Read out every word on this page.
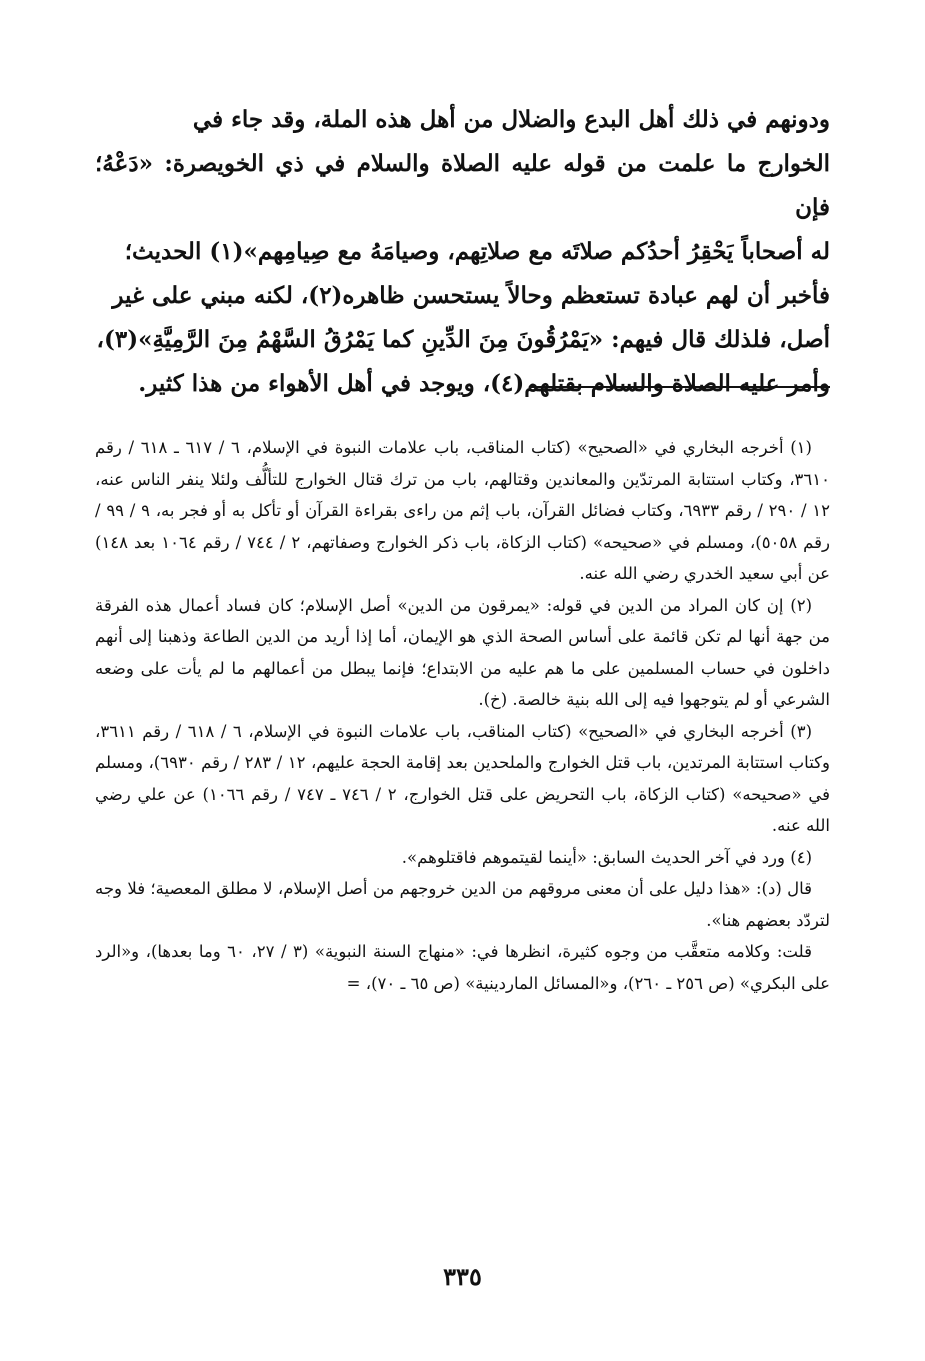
ودونهم في ذلك أهل البدع والضلال من أهل هذه الملة، وقد جاء في

الخوارج ما علمت من قوله عليه الصلاة والسلام في ذي الخويصرة: «دَعْهُ؛ فإن

له أصحاباً يَحْقِرُ أحدُكم صلاتَه مع صلاتِهم، وصيامَهُ مع صِيامِهم»(١) الحديث؛

فأخبر أن لهم عبادة تستعظم وحالاً يستحسن ظاهره(٢)، لكنه مبني على غير

أصل، فلذلك قال فيهم: «يَمْرُقُونَ مِنَ الدِّينِ كما يَمْرُقُ السَّهْمُ مِنَ الرَّمِيَّةِ»(٣)،

وأمر عليه الصلاة والسلام بقتلهم(٤)، ويوجد في أهل الأهواء من هذا كثير.

(١) أخرجه البخاري في «الصحيح» (كتاب المناقب، باب علامات النبوة في الإسلام، ٦ / ٦١٧ ـ ٦١٨ / رقم ٣٦١٠، وكتاب استتابة المرتدّين والمعاندين وقتالهم، باب من ترك قتال الخوارج للتألُّف ولئلا ينفر الناس عنه، ١٢ / ٢٩٠ / رقم ٦٩٣٣، وكتاب فضائل القرآن، باب إثم من راءى بقراءة القرآن أو تأكل به أو فجر به، ٩ / ٩٩ / رقم ٥٠٥٨)، ومسلم في «صحيحه» (كتاب الزكاة، باب ذكر الخوارج وصفاتهم، ٢ / ٧٤٤ / رقم ١٠٦٤ بعد ١٤٨) عن أبي سعيد الخدري رضي الله عنه.

(٢) إن كان المراد من الدين في قوله: «يمرقون من الدين» أصل الإسلام؛ كان فساد أعمال هذه الفرقة من جهة أنها لم تكن قائمة على أساس الصحة الذي هو الإيمان، أما إذا أريد من الدين الطاعة وذهبنا إلى أنهم داخلون في حساب المسلمين على ما هم عليه من الابتداع؛ فإنما يبطل من أعمالهم ما لم يأت على وضعه الشرعي أو لم يتوجهوا فيه إلى الله بنية خالصة. (خ).

(٣) أخرجه البخاري في «الصحيح» (كتاب المناقب، باب علامات النبوة في الإسلام، ٦ / ٦١٨ / رقم ٣٦١١، وكتاب استتابة المرتدين، باب قتل الخوارج والملحدين بعد إقامة الحجة عليهم، ١٢ / ٢٨٣ / رقم ٦٩٣٠)، ومسلم في «صحيحه» (كتاب الزكاة، باب التحريض على قتل الخوارج، ٢ / ٧٤٦ ـ ٧٤٧ / رقم ١٠٦٦) عن علي رضي الله عنه.

(٤) ورد في آخر الحديث السابق: «أينما لقيتموهم فاقتلوهم».

قال (د): «هذا دليل على أن معنى مروقهم من الدين خروجهم من أصل الإسلام، لا مطلق المعصية؛ فلا وجه لتردّد بعضهم هنا».

قلت: وكلامه متعقَّب من وجوه كثيرة، انظرها في: «منهاج السنة النبوية» (٣ / ٢٧، ٦٠ وما بعدها)، و«الرد على البكري» (ص ٢٥٦ ـ ٢٦٠)، و«المسائل الماردينية» (ص ٦٥ ـ ٧٠)، =

٣٣٥
